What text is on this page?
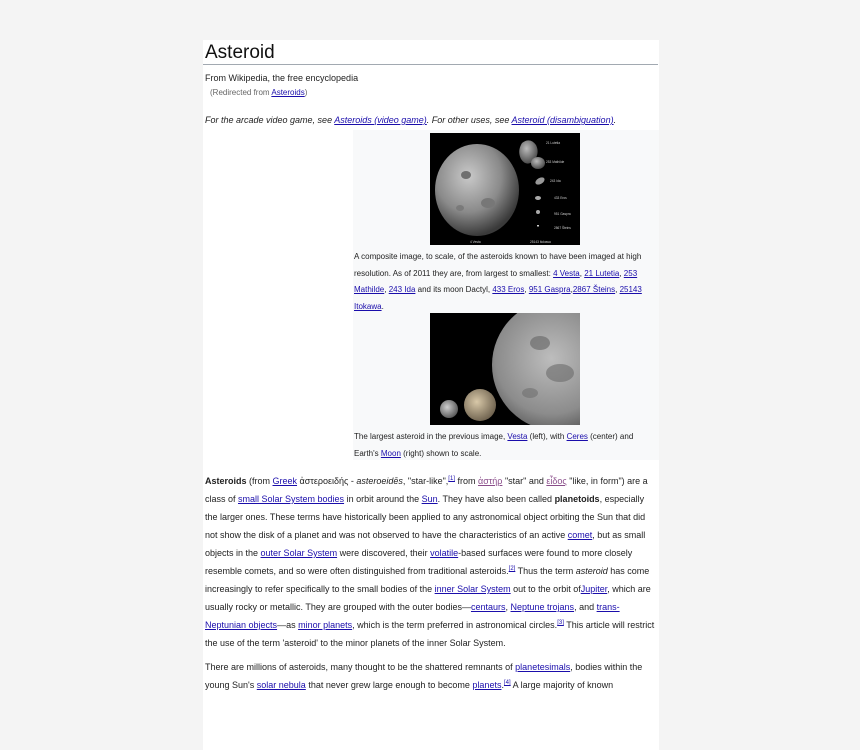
Asteroid
From Wikipedia, the free encyclopedia
(Redirected from Asteroids)
For the arcade video game, see Asteroids (video game). For other uses, see Asteroid (disambiguation).
21 Lutetia
253 Mathilde
243 Ida
433 Eros
951 Gaspra
2867 Šteins
4 Vesta	25143 Itokawa
A composite image, to scale, of the asteroids known to have been imaged at high resolution. As of 2011 they are, from largest to smallest: 4 Vesta, 21 Lutetia, 253 Mathilde, 243 Ida and its moon Dactyl, 433 Eros, 951 Gaspra,2867 Šteins, 25143 Itokawa.
The largest asteroid in the previous image, Vesta (left), with Ceres (center) and Earth's Moon (right) shown to scale.

Asteroids (from Greek ἀστεροειδής - asteroeidēs, "star-like",[1] from ἀστήρ "star" and εἶδος "like, in form") are a class of small Solar System bodies in orbit around the Sun. They have also been called planetoids, especially the larger ones. These terms have historically been applied to any astronomical object orbiting the Sun that did not show the disk of a planet and was not observed to have the characteristics of an active comet, but as small objects in the outer Solar System were discovered, their volatile-based surfaces were found to more closely resemble comets, and so were often distinguished from traditional asteroids.[2] Thus the term asteroid has come increasingly to refer specifically to the small bodies of the inner Solar System out to the orbit ofJupiter, which are usually rocky or metallic. They are grouped with the outer bodies—centaurs, Neptune trojans, and trans-Neptunian objects—as minor planets, which is the term preferred in astronomical circles.[3] This article will restrict the use of the term 'asteroid' to the minor planets of the inner Solar System.

There are millions of asteroids, many thought to be the shattered remnants of planetesimals, bodies within the young Sun's solar nebula that never grew large enough to become planets.[4] A large majority of known
